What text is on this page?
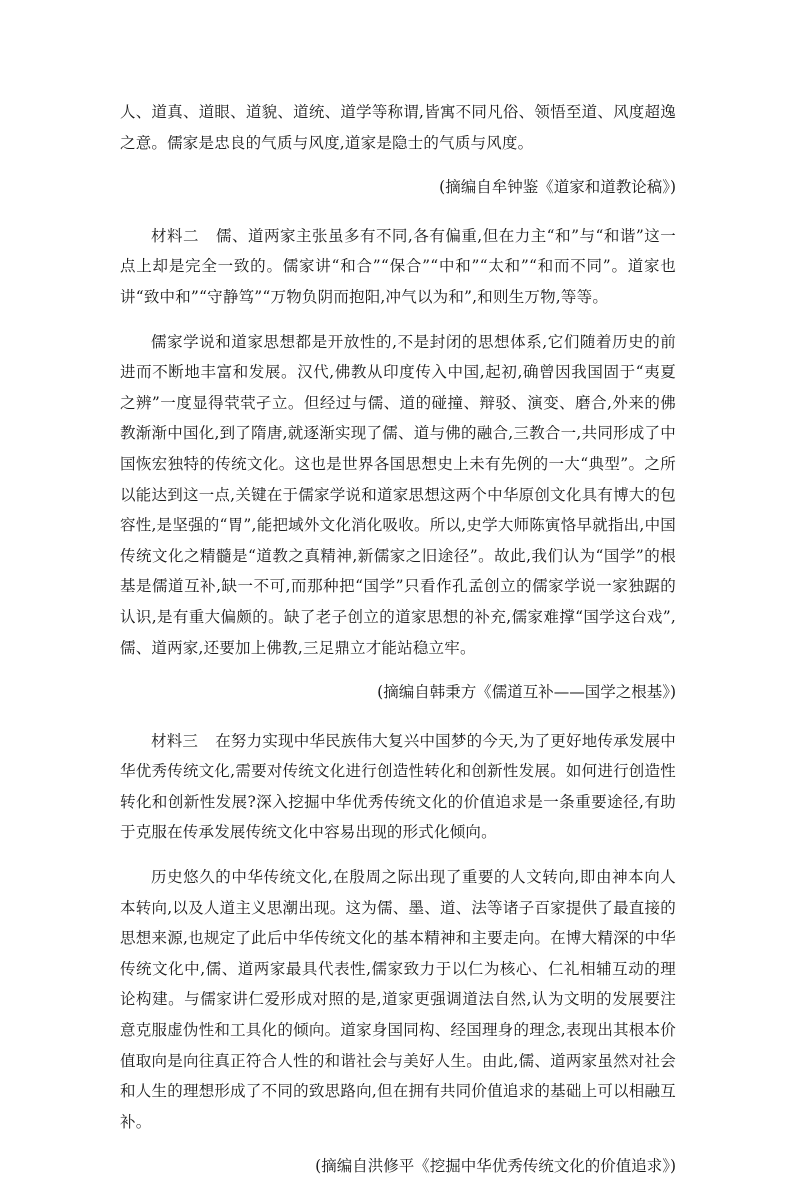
人、道真、道眼、道貌、道统、道学等称谓,皆寓不同凡俗、领悟至道、风度超逸之意。儒家是忠良的气质与风度,道家是隐士的气质与风度。

(摘编自牟钟鉴《道家和道教论稿》)

材料二 儒、道两家主张虽多有不同,各有偏重,但在力主“和”与“和谐”这一点上却是完全一致的。儒家讲“和合”“保合”“中和”“太和”“和而不同”。道家也讲“致中和”“守静笃”“万物负阴而抱阳,冲气以为和”,和则生万物,等等。

儒家学说和道家思想都是开放性的,不是封闭的思想体系,它们随着历史的前进而不断地丰富和发展。汉代,佛教从印度传入中国,起初,确曾因我国固于“夷夏之辨”一度显得茕茕孑立。但经过与儒、道的碰撞、辩驳、演变、磨合,外来的佛教渐渐中国化,到了隋唐,就逐渐实现了儒、道与佛的融合,三教合一,共同形成了中国恢宏独特的传统文化。这也是世界各国思想史上未有先例的一大“典型”。之所以能达到这一点,关键在于儒家学说和道家思想这两个中华原创文化具有博大的包容性,是坚强的“胃”,能把域外文化消化吸收。所以,史学大师陈寅恪早就指出,中国传统文化之精髓是“道教之真精神,新儒家之旧途径”。故此,我们认为“国学”的根基是儒道互补,缺一不可,而那种把“国学”只看作孔孟创立的儒家学说一家独踞的认识,是有重大偏颇的。缺了老子创立的道家思想的补充,儒家难撑“国学这台戏”,儒、道两家,还要加上佛教,三足鼎立才能站稳立牢。

(摘编自韩秉方《儒道互补——国学之根基》)

材料三 在努力实现中华民族伟大复兴中国梦的今天,为了更好地传承发展中华优秀传统文化,需要对传统文化进行创造性转化和创新性发展。如何进行创造性转化和创新性发展?深入挖掘中华优秀传统文化的价值追求是一条重要途径,有助于克服在传承发展传统文化中容易出现的形式化倾向。

历史悠久的中华传统文化,在殷周之际出现了重要的人文转向,即由神本向人本转向,以及人道主义思潮出现。这为儒、墨、道、法等诸子百家提供了最直接的思想来源,也规定了此后中华传统文化的基本精神和主要走向。在博大精深的中华传统文化中,儒、道两家最具代表性,儒家致力于以仁为核心、仁礼相辅互动的理论构建。与儒家讲仁爱形成对照的是,道家更强调道法自然,认为文明的发展要注意克服虚伪性和工具化的倾向。道家身国同构、经国理身的理念,表现出其根本价值取向是向往真正符合人性的和谐社会与美好人生。由此,儒、道两家虽然对社会和人生的理想形成了不同的致思路向,但在拥有共同价值追求的基础上可以相融互补。

(摘编自洪修平《挖掘中华优秀传统文化的价值追求》)
